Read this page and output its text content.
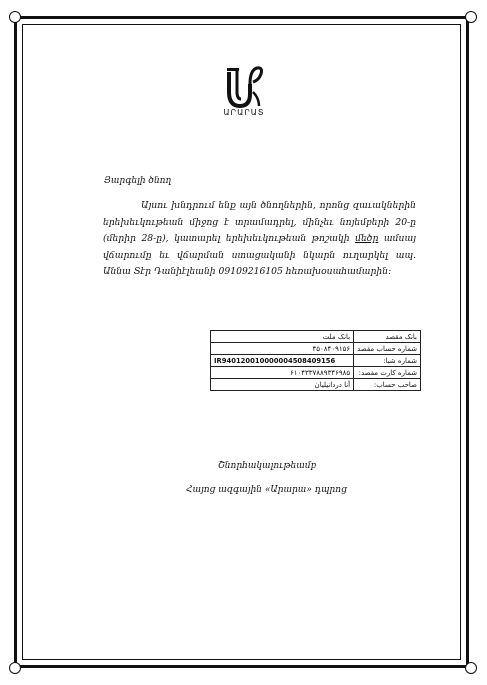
ԱՐԱՐԱՏ
Յարգելի ծնող
Այսու խնդրում ենք այն ծնողներին, որոնց զաւակներին երեխեւկութեան միջոց է տրամադրել, մինչեւ նոյեմբերի 20-ը (մերիր 28-ը), կատարել երեխեւկութեան թոշակի մեծր ամսայ վճարումը եւ վճարման ստացականի նկարն ուղարկել ապ. Աննա Տէր Դանիէլեանի 09109216105 հեռախօսահամարին:
بانک ملت	بانک مقصد
۴۵۰۸۴۰۹۱۵۶	شماره حساب مقصد
IR940120010000004508409156	شماره شبا:
۶۱۰۴۳۳۷۸۸۹۳۴۶۹۸۵	شماره کارت مقصد:
آنا دردانیلیان	صاحب حساب:
Շնորհակալութեամբ
Հայոց ազգային «Արարա» դպրոց
